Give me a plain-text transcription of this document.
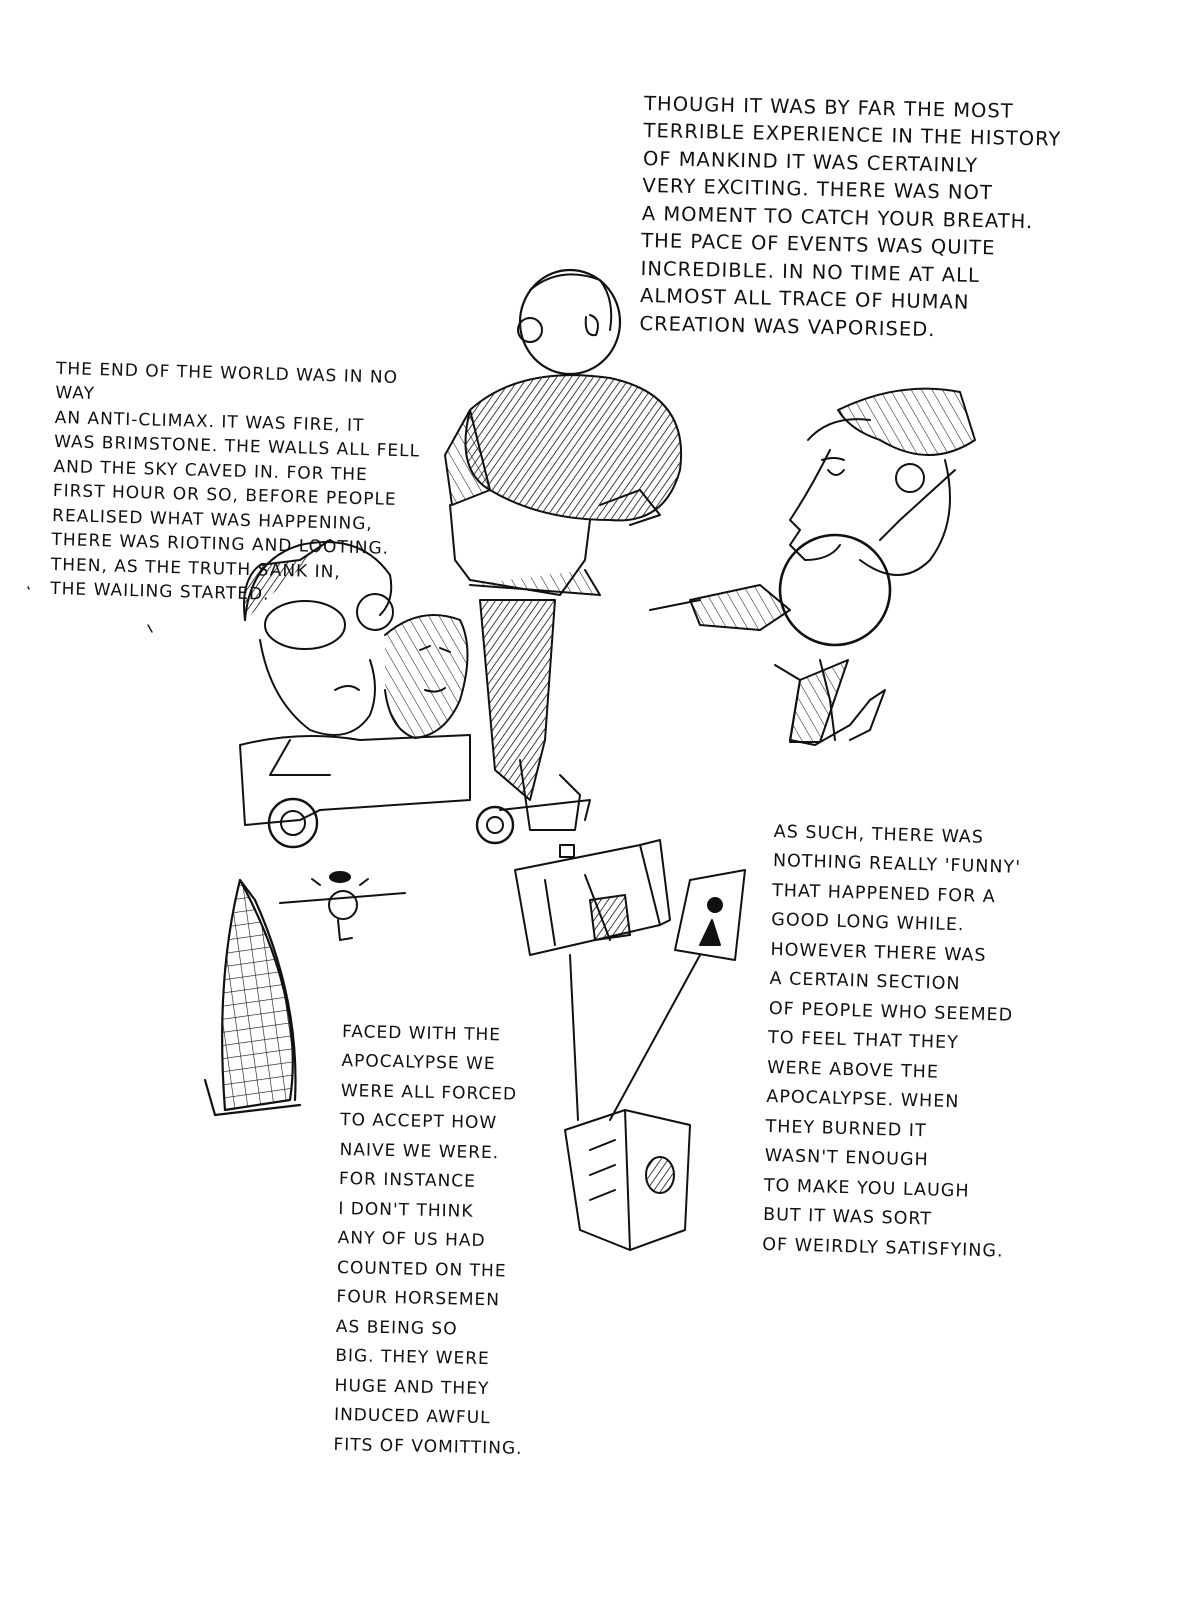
THOUGH IT WAS BY FAR THE MOST
TERRIBLE EXPERIENCE IN THE HISTORY
OF MANKIND IT WAS CERTAINLY
VERY EXCITING. THERE WAS NOT
A MOMENT TO CATCH YOUR BREATH.
THE PACE OF EVENTS WAS QUITE
INCREDIBLE. IN NO TIME AT ALL
ALMOST ALL TRACE OF HUMAN
CREATION WAS VAPORISED.

THE END OF THE WORLD WAS IN NO WAY
AN ANTI-CLIMAX. IT WAS FIRE, IT
WAS BRIMSTONE. THE WALLS ALL FELL
AND THE SKY CAVED IN. FOR THE
FIRST HOUR OR SO, BEFORE PEOPLE
REALISED WHAT WAS HAPPENING,
THERE WAS RIOTING AND LOOTING.
THEN, AS THE TRUTH SANK IN,
THE WAILING STARTED.

AS SUCH, THERE WAS
NOTHING REALLY 'FUNNY'
THAT HAPPENED FOR A
GOOD LONG WHILE.
HOWEVER THERE WAS
A CERTAIN SECTION
OF PEOPLE WHO SEEMED
TO FEEL THAT THEY
WERE ABOVE THE
APOCALYPSE. WHEN
THEY BURNED IT
WASN'T ENOUGH
TO MAKE YOU LAUGH
BUT IT WAS SORT
OF WEIRDLY SATISFYING.

FACED WITH THE
APOCALYPSE WE
WERE ALL FORCED
TO ACCEPT HOW
NAIVE WE WERE.
FOR INSTANCE
I DON'T THINK
ANY OF US HAD
COUNTED ON THE
FOUR HORSEMEN
AS BEING SO
BIG. THEY WERE
HUGE AND THEY
INDUCED AWFUL
FITS OF VOMITTING.
